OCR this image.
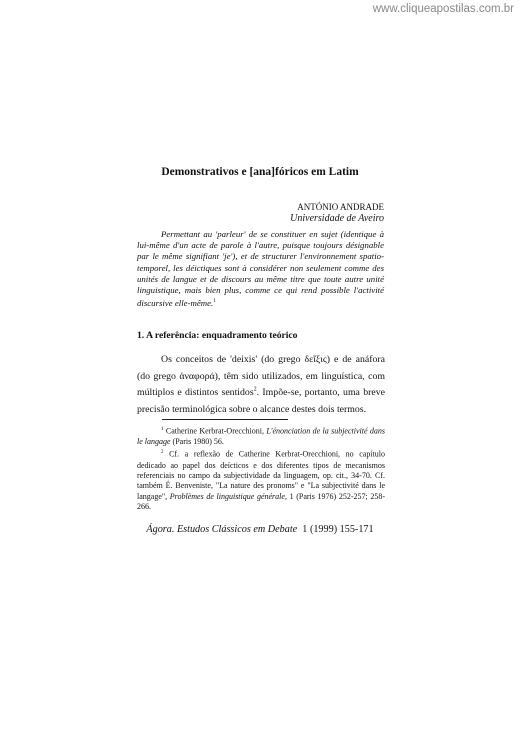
www.cliqueapostilas.com.br
Demonstrativos e [ana]fóricos em Latim
ANTÓNIO ANDRADE
Universidade de Aveiro
Permettant au 'parleur' de se constituer en sujet (identique à lui-même d'un acte de parole à l'autre, puisque toujours désignable par le même signifiant 'je'), et de structurer l'environnement spatio-temporel, les déictiques sont à considérer non seulement comme des unités de langue et de discours au même titre que toute autre unité linguistique, mais bien plus, comme ce qui rend possible l'activité discursive elle-même.$^1$
1. A referência: enquadramento teórico
Os conceitos de 'deixis' (do grego δεῖξις) e de anáfora (do grego ἀναφορά), têm sido utilizados, em linguística, com múltiplos e distintos sentidos$^2$. Impõe-se, portanto, uma breve precisão terminológica sobre o alcance destes dois termos.

$^1$ Catherine Kerbrat-Orecchioni, L'énonciation de la subjectivité dans le langage (Paris 1980) 56.

$^2$ Cf. a reflexão de Catherine Kerbrat-Orecchioni, no capítulo dedicado ao papel dos deícticos e dos diferentes tipos de mecanismos referenciais no campo da subjectividade da linguagem, op. cit., 34-70. Cf. também É. Benveniste, "La nature des pronoms" e "La subjectivité dans le langage", Problèmes de linguistique générale, 1 (Paris 1976) 252-257; 258-266.

Ágora. Estudos Clássicos em Debate 1 (1999) 155-171
